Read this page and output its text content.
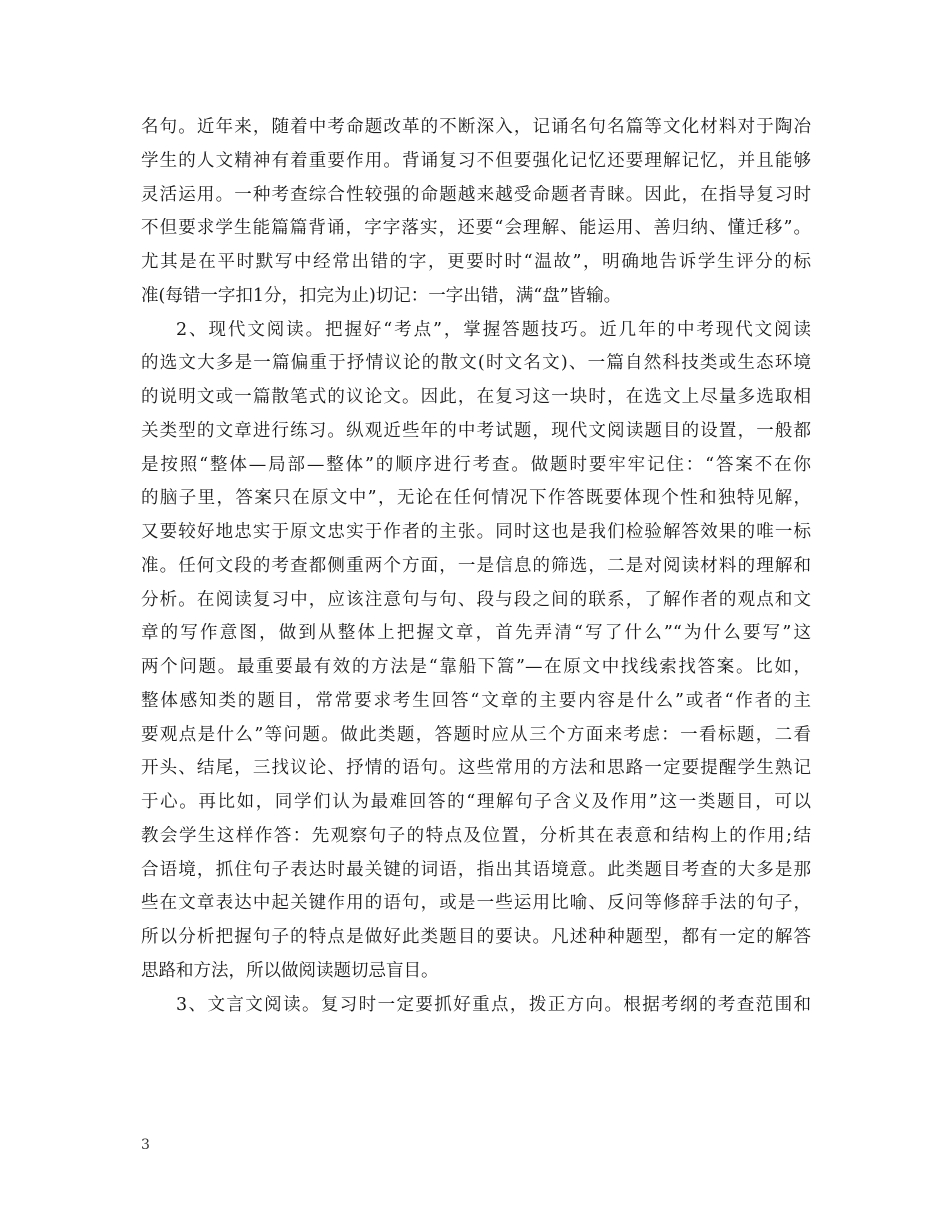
名句。近年来，随着中考命题改革的不断深入，记诵名句名篇等文化材料对于陶冶
学生的人文精神有着重要作用。背诵复习不但要强化记忆还要理解记忆，并且能够
灵活运用。一种考查综合性较强的命题越来越受命题者青睐。因此，在指导复习时
不但要求学生能篇篇背诵，字字落实，还要“会理解、能运用、善归纳、懂迁移”。
尤其是在平时默写中经常出错的字，更要时时“温故”，明确地告诉学生评分的标
准(每错一字扣1分，扣完为止)切记：一字出错，满“盘”皆输。

2、现代文阅读。把握好“考点”，掌握答题技巧。近几年的中考现代文阅读
的选文大多是一篇偏重于抒情议论的散文(时文名文)、一篇自然科技类或生态环境
的说明文或一篇散笔式的议论文。因此，在复习这一块时，在选文上尽量多选取相
关类型的文章进行练习。纵观近些年的中考试题，现代文阅读题目的设置，一般都
是按照“整体—局部—整体”的顺序进行考查。做题时要牢牢记住：“答案不在你
的脑子里，答案只在原文中”，无论在任何情况下作答既要体现个性和独特见解，
又要较好地忠实于原文忠实于作者的主张。同时这也是我们检验解答效果的唯一标
准。任何文段的考查都侧重两个方面，一是信息的筛选，二是对阅读材料的理解和
分析。在阅读复习中，应该注意句与句、段与段之间的联系，了解作者的观点和文
章的写作意图，做到从整体上把握文章，首先弄清“写了什么”“为什么要写”这
两个问题。最重要最有效的方法是“靠船下篙”—在原文中找线索找答案。比如，
整体感知类的题目，常常要求考生回答“文章的主要内容是什么”或者“作者的主
要观点是什么”等问题。做此类题，答题时应从三个方面来考虑：一看标题，二看
开头、结尾，三找议论、抒情的语句。这些常用的方法和思路一定要提醒学生熟记
于心。再比如，同学们认为最难回答的“理解句子含义及作用”这一类题目，可以
教会学生这样作答：先观察句子的特点及位置，分析其在表意和结构上的作用;结
合语境，抓住句子表达时最关键的词语，指出其语境意。此类题目考查的大多是那
些在文章表达中起关键作用的语句，或是一些运用比喻、反问等修辞手法的句子，
所以分析把握句子的特点是做好此类题目的要诀。凡述种种题型，都有一定的解答
思路和方法，所以做阅读题切忌盲目。

3、文言文阅读。复习时一定要抓好重点，拨正方向。根据考纲的考查范围和

3
